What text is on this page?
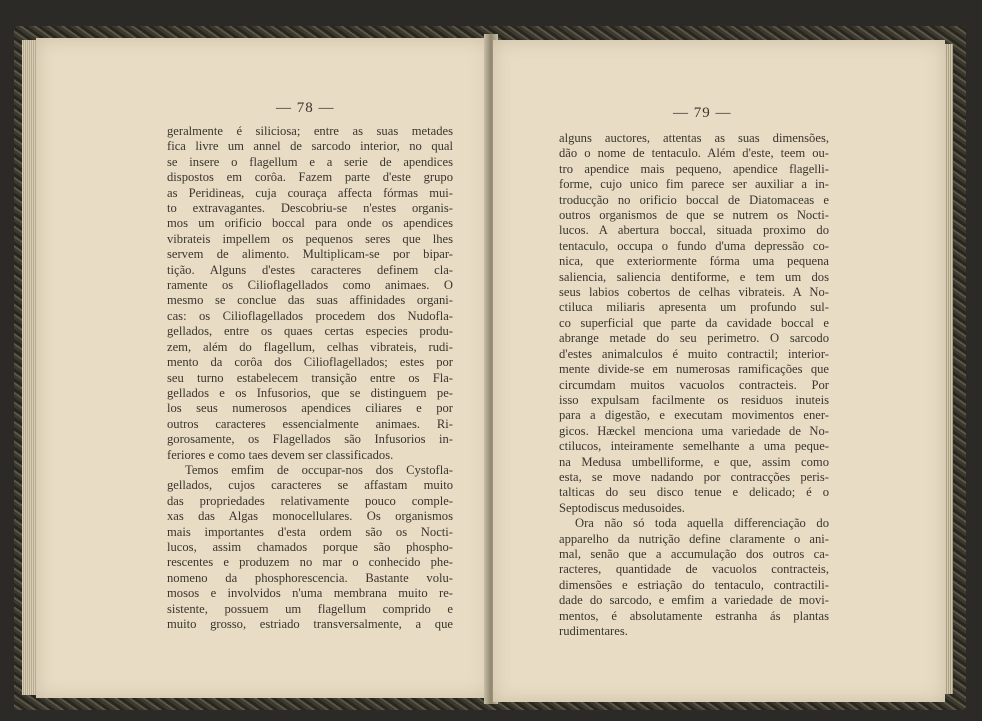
— 78 —
geralmente é siliciosa; entre as suas metades
fica livre um annel de sarcodo interior, no qual
se insere o flagellum e a serie de apendices
dispostos em corôa. Fazem parte d'este grupo
as Peridineas, cuja couraça affecta fórmas mui-
to extravagantes. Descobriu-se n'estes organis-
mos um orificio boccal para onde os apendices
vibrateis impellem os pequenos seres que lhes
servem de alimento. Multiplicam-se por bipar-
tição. Alguns d'estes caracteres definem cla-
ramente os Cilioflagellados como animaes. O
mesmo se conclue das suas affinidades organi-
cas: os Cilioflagellados procedem dos Nudofla-
gellados, entre os quaes certas especies produ-
zem, além do flagellum, celhas vibrateis, rudi-
mento da corôa dos Cilioflagellados; estes por
seu turno estabelecem transição entre os Fla-
gellados e os Infusorios, que se distinguem pe-
los seus numerosos apendices ciliares e por
outros caracteres essencialmente animaes. Ri-
gorosamente, os Flagellados são Infusorios in-
feriores e como taes devem ser classificados.
Temos emfim de occupar-nos dos Cystofla-
gellados, cujos caracteres se affastam muito
das propriedades relativamente pouco comple-
xas das Algas monocellulares. Os organismos
mais importantes d'esta ordem são os Nocti-
lucos, assim chamados porque são phospho-
rescentes e produzem no mar o conhecido phe-
nomeno da phosphorescencia. Bastante volu-
mosos e involvidos n'uma membrana muito re-
sistente, possuem um flagellum comprido e
muito grosso, estriado transversalmente, a que
— 79 —
alguns auctores, attentas as suas dimensões,
dão o nome de tentaculo. Além d'este, teem ou-
tro apendice mais pequeno, apendice flagelli-
forme, cujo unico fim parece ser auxiliar a in-
troducção no orificio boccal de Diatomaceas e
outros organismos de que se nutrem os Nocti-
lucos. A abertura boccal, situada proximo do
tentaculo, occupa o fundo d'uma depressão co-
nica, que exteriormente fórma uma pequena
saliencia, saliencia dentiforme, e tem um dos
seus labios cobertos de celhas vibrateis. A No-
ctiluca miliaris apresenta um profundo sul-
co superficial que parte da cavidade boccal e
abrange metade do seu perimetro. O sarcodo
d'estes animalculos é muito contractil; interior-
mente divide-se em numerosas ramificações que
circumdam muitos vacuolos contracteis. Por
isso expulsam facilmente os residuos inuteis
para a digestão, e executam movimentos ener-
gicos. Hæckel menciona uma variedade de No-
ctilucos, inteiramente semelhante a uma peque-
na Medusa umbelliforme, e que, assim como
esta, se move nadando por contracções peris-
talticas do seu disco tenue e delicado; é o
Septodiscus medusoides.
Ora não só toda aquella differenciação do
apparelho da nutrição define claramente o ani-
mal, senão que a accumulação dos outros ca-
racteres, quantidade de vacuolos contracteis,
dimensões e estriação do tentaculo, contractili-
dade do sarcodo, e emfim a variedade de movi-
mentos, é absolutamente estranha ás plantas
rudimentares.
